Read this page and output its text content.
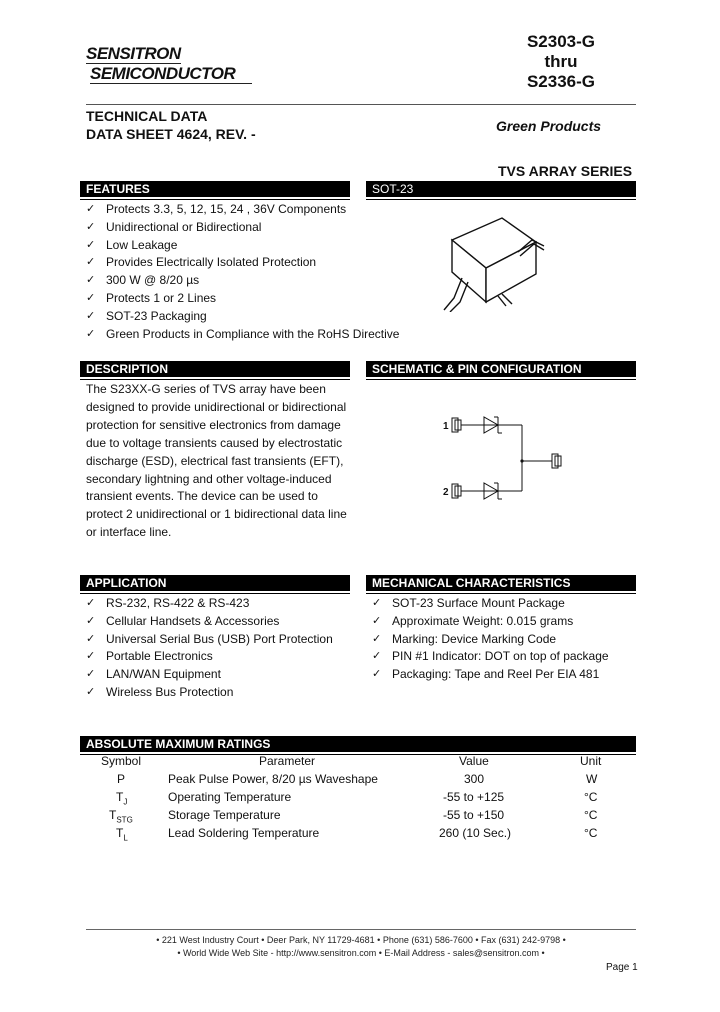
SENSITRON
SEMICONDUCTOR
S2303-G
thru
S2336-G
TECHNICAL DATA
DATA SHEET 4624, REV. -	Green Products
TVS ARRAY SERIES
FEATURES
✓ Protects 3.3, 5, 12, 15, 24 , 36V Components
✓ Unidirectional or Bidirectional
✓ Low Leakage
✓ Provides Electrically Isolated Protection
✓ 300 W @ 8/20 µs
✓ Protects 1 or 2 Lines
✓ SOT-23 Packaging
✓ Green Products in Compliance with the RoHS Directive
SOT-23
DESCRIPTION
The S23XX-G series of TVS array have been
designed to provide unidirectional or bidirectional
protection for sensitive electronics from damage
due to voltage transients caused by electrostatic
discharge (ESD), electrical fast transients (EFT),
secondary lightning and other voltage-induced
transient events. The device can be used to
protect 2 unidirectional or 1 bidirectional data line
or interface line.
SCHEMATIC & PIN CONFIGURATION
1
2
APPLICATION
✓ RS-232, RS-422 & RS-423
✓ Cellular Handsets & Accessories
✓ Universal Serial Bus (USB) Port Protection
✓ Portable Electronics
✓ LAN/WAN Equipment
✓ Wireless Bus Protection
MECHANICAL CHARACTERISTICS
✓ SOT-23 Surface Mount Package
✓ Approximate Weight: 0.015 grams
✓ Marking: Device Marking Code
✓ PIN #1 Indicator: DOT on top of package
✓ Packaging: Tape and Reel Per EIA 481
ABSOLUTE MAXIMUM RATINGS
Symbol	Parameter	Value	Unit
P	Peak Pulse Power, 8/20 µs Waveshape	300	W
$T_J$	Operating Temperature	-55 to +125	°C
$T_{STG}$	Storage Temperature	-55 to +150	°C
$T_L$	Lead Soldering Temperature	260 (10 Sec.)	°C
• 221 West Industry Court • Deer Park, NY 11729-4681 • Phone (631) 586-7600 • Fax (631) 242-9798 •
• World Wide Web Site - http://www.sensitron.com • E-Mail Address - sales@sensitron.com •
Page 1
